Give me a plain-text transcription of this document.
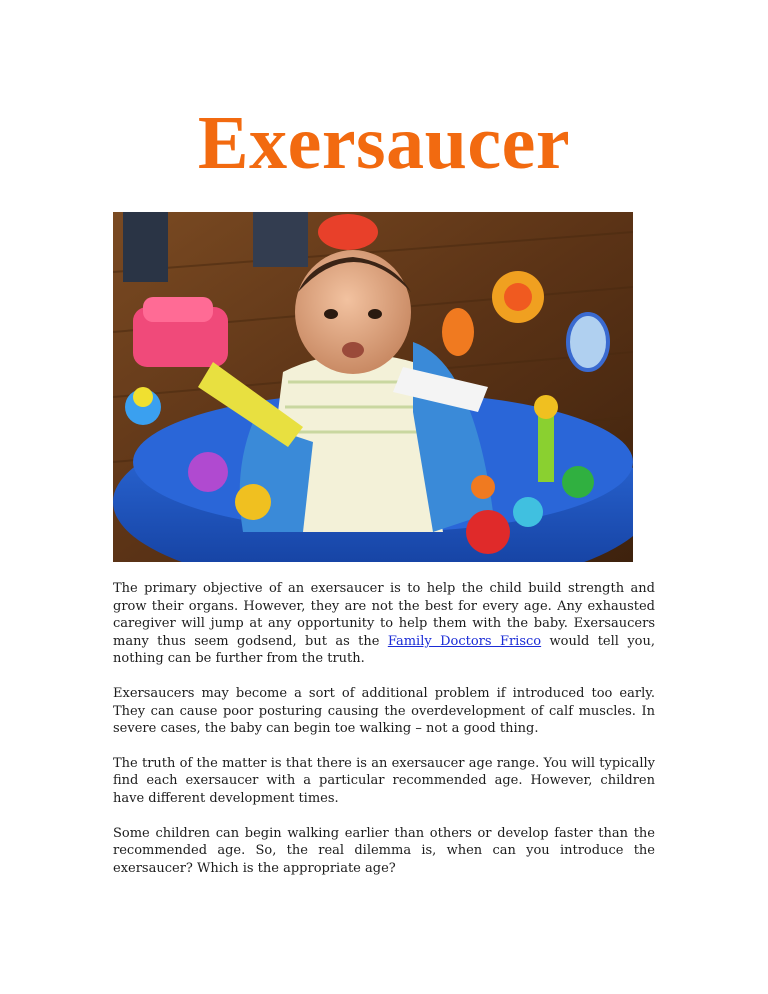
Exersaucer

The primary objective of an exersaucer is to help the child build strength and grow their organs. However, they are not the best for every age. Any exhausted caregiver will jump at any opportunity to help them with the baby. Exersaucers many thus seem godsend, but as the Family Doctors Frisco would tell you, nothing can be further from the truth.

Exersaucers may become a sort of additional problem if introduced too early. They can cause poor posturing causing the overdevelopment of calf muscles. In severe cases, the baby can begin toe walking – not a good thing.

The truth of the matter is that there is an exersaucer age range. You will typically find each exersaucer with a particular recommended age. However, children have different development times.

Some children can begin walking earlier than others or develop faster than the recommended age. So, the real dilemma is, when can you introduce the exersaucer? Which is the appropriate age?
